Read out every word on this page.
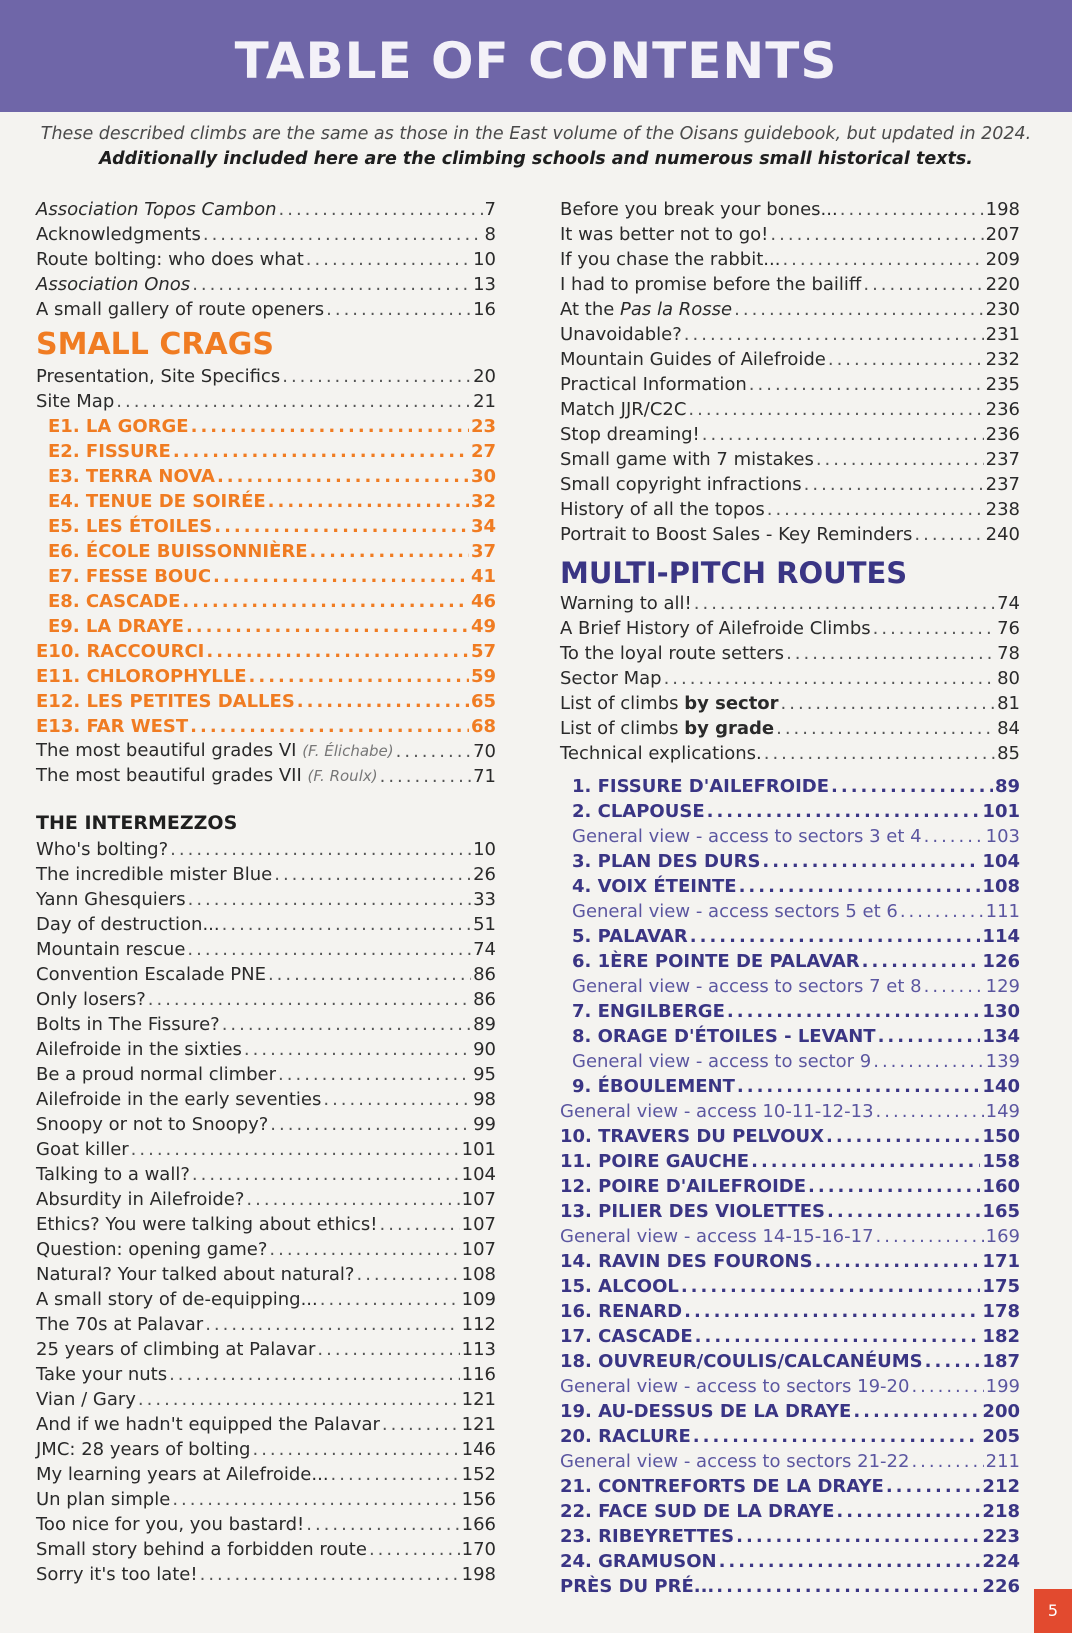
TABLE OF CONTENTS
These described climbs are the same as those in the East volume of the Oisans guidebook, but updated in 2024.
Additionally included here are the climbing schools and numerous small historical texts.
Association Topos Cambon .....	7
Acknowledgments .....	8
Route bolting: who does what .....	10
Association Onos .....	13
A small gallery of route openers .....	16
SMALL CRAGS
Presentation, Site Specifics .....	20
Site Map .....	21
E1. LA GORGE .....	23
E2. FISSURE .....	27
E3. TERRA NOVA .....	30
E4. TENUE DE SOIRÉE .....	32
E5. LES ÉTOILES .....	34
E6. ÉCOLE BUISSONNIÈRE .....	37
E7. FESSE BOUC .....	41
E8. CASCADE .....	46
E9. LA DRAYE .....	49
E10. RACCOURCI .....	57
E11. CHLOROPHYLLE .....	59
E12. LES PETITES DALLES .....	65
E13. FAR WEST .....	68
The most beautiful grades VI (F. Élichabe) .....	70
The most beautiful grades VII (F. Roulx) .....	71
THE INTERMEZZOS
Who's bolting? .....	10
The incredible mister Blue .....	26
Yann Ghesquiers .....	33
Day of destruction... .....	51
Mountain rescue .....	74
Convention Escalade PNE .....	86
Only losers? .....	86
Bolts in The Fissure? .....	89
Ailefroide in the sixties .....	90
Be a proud normal climber .....	95
Ailefroide in the early seventies .....	98
Snoopy or not to Snoopy? .....	99
Goat killer .....	101
Talking to a wall? .....	104
Absurdity in Ailefroide? .....	107
Ethics? You were talking about ethics! .....	107
Question: opening game? .....	107
Natural? Your talked about natural? .....	108
A small story of de-equipping... .....	109
The 70s at Palavar .....	112
25 years of climbing at Palavar .....	113
Take your nuts .....	116
Vian / Gary .....	121
And if we hadn't equipped the Palavar .....	121
JMC: 28 years of bolting .....	146
My learning years at Ailefroide... .....	152
Un plan simple .....	156
Too nice for you, you bastard! .....	166
Small story behind a forbidden route .....	170
Sorry it's too late! .....	198
Before you break your bones... .....	198
It was better not to go! .....	207
If you chase the rabbit... .....	209
I had to promise before the bailiff .....	220
At the Pas la Rosse .....	230
Unavoidable? .....	231
Mountain Guides of Ailefroide .....	232
Practical Information .....	235
Match JJR/C2C .....	236
Stop dreaming! .....	236
Small game with 7 mistakes .....	237
Small copyright infractions .....	237
History of all the topos .....	238
Portrait to Boost Sales - Key Reminders .....	240
MULTI-PITCH ROUTES
Warning to all! .....	74
A Brief History of Ailefroide Climbs .....	76
To the loyal route setters .....	78
Sector Map .....	80
List of climbs by sector .....	81
List of climbs by grade .....	84
Technical explications. .....	85
1. FISSURE D'AILEFROIDE .....	89
2. CLAPOUSE .....	101
General view - access to sectors 3 et 4 .....	103
3. PLAN DES DURS .....	104
4. VOIX ÉTEINTE .....	108
General view - access sectors 5 et 6 .....	111
5. PALAVAR .....	114
6. 1ÈRE POINTE DE PALAVAR .....	126
General view - access to sectors 7 et 8 .....	129
7. ENGILBERGE .....	130
8. ORAGE D'ÉTOILES - LEVANT .....	134
General view - access to sector 9 .....	139
9. ÉBOULEMENT .....	140
General view - access 10-11-12-13 .....	149
10. TRAVERS DU PELVOUX .....	150
11. POIRE GAUCHE .....	158
12. POIRE D'AILEFROIDE .....	160
13. PILIER DES VIOLETTES .....	165
General view - access 14-15-16-17 .....	169
14. RAVIN DES FOURONS .....	171
15. ALCOOL .....	175
16. RENARD .....	178
17. CASCADE .....	182
18. OUVREUR/COULIS/CALCANÉUMS .....	187
General view - access to sectors 19-20 .....	199
19. AU-DESSUS DE LA DRAYE .....	200
20. RACLURE .....	205
General view - access to sectors 21-22 .....	211
21. CONTREFORTS DE LA DRAYE .....	212
22. FACE SUD DE LA DRAYE .....	218
23. RIBEYRETTES .....	223
24. GRAMUSON .....	224
PRÈS DU PRÉ... .....	226
5
